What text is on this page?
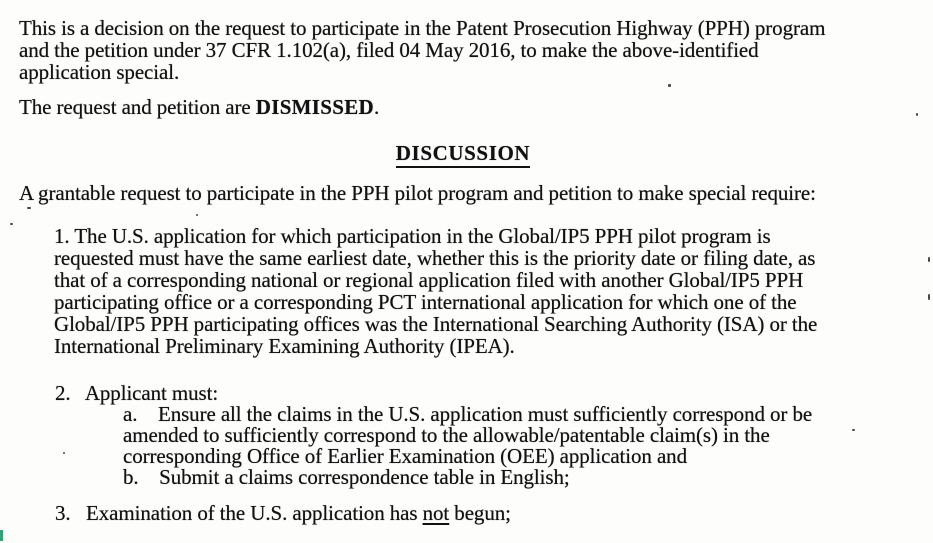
This is a decision on the request to participate in the Patent Prosecution Highway (PPH) program
and the petition under 37 CFR 1.102(a), filed 04 May 2016, to make the above-identified
application special.

The request and petition are DISMISSED.

DISCUSSION

A grantable request to participate in the PPH pilot program and petition to make special require:

1. The U.S. application for which participation in the Global/IP5 PPH pilot program is
requested must have the same earliest date, whether this is the priority date or filing date, as
that of a corresponding national or regional application filed with another Global/IP5 PPH
participating office or a corresponding PCT international application for which one of the
Global/IP5 PPH participating offices was the International Searching Authority (ISA) or the
International Preliminary Examining Authority (IPEA).
2.   Applicant must:
a.    Ensure all the claims in the U.S. application must sufficiently correspond or be
amended to sufficiently correspond to the allowable/patentable claim(s) in the
corresponding Office of Earlier Examination (OEE) application and
b.    Submit a claims correspondence table in English;
3.   Examination of the U.S. application has not begun;
